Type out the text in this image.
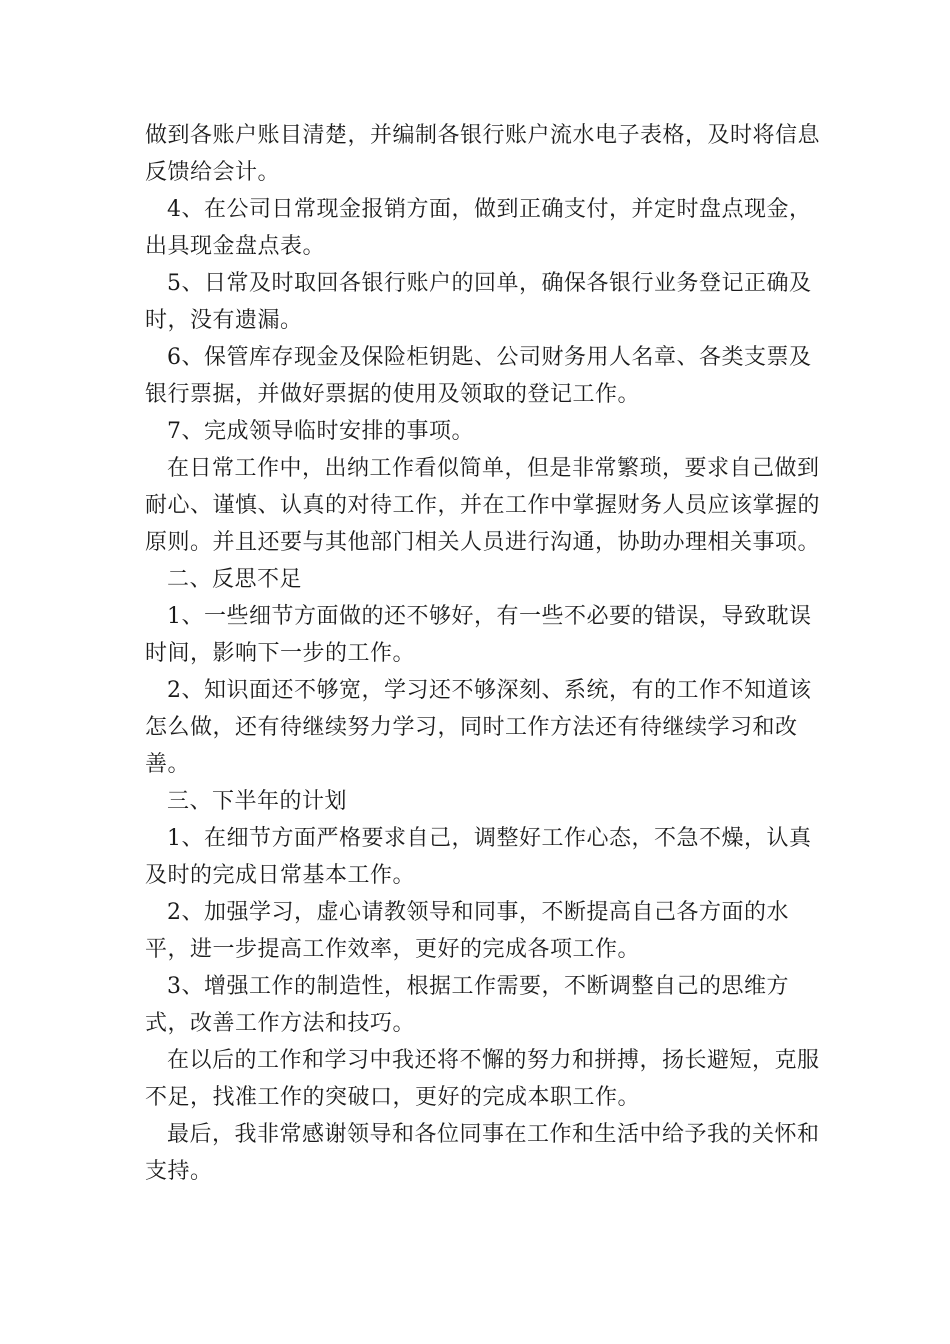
做到各账户账目清楚，并编制各银行账户流水电子表格，及时将信息反馈给会计。

4、在公司日常现金报销方面，做到正确支付，并定时盘点现金，出具现金盘点表。

5、日常及时取回各银行账户的回单，确保各银行业务登记正确及时，没有遗漏。

6、保管库存现金及保险柜钥匙、公司财务用人名章、各类支票及银行票据，并做好票据的使用及领取的登记工作。

7、完成领导临时安排的事项。

在日常工作中，出纳工作看似简单，但是非常繁琐，要求自己做到耐心、谨慎、认真的对待工作，并在工作中掌握财务人员应该掌握的原则。并且还要与其他部门相关人员进行沟通，协助办理相关事项。

二、反思不足

1、一些细节方面做的还不够好，有一些不必要的错误，导致耽误时间，影响下一步的工作。

2、知识面还不够宽，学习还不够深刻、系统，有的工作不知道该怎么做，还有待继续努力学习，同时工作方法还有待继续学习和改善。

三、下半年的计划

1、在细节方面严格要求自己，调整好工作心态，不急不燥，认真及时的完成日常基本工作。

2、加强学习，虚心请教领导和同事，不断提高自己各方面的水平，进一步提高工作效率，更好的完成各项工作。

3、增强工作的制造性，根据工作需要，不断调整自己的思维方式，改善工作方法和技巧。

在以后的工作和学习中我还将不懈的努力和拼搏，扬长避短，克服不足，找准工作的突破口，更好的完成本职工作。

最后，我非常感谢领导和各位同事在工作和生活中给予我的关怀和支持。
